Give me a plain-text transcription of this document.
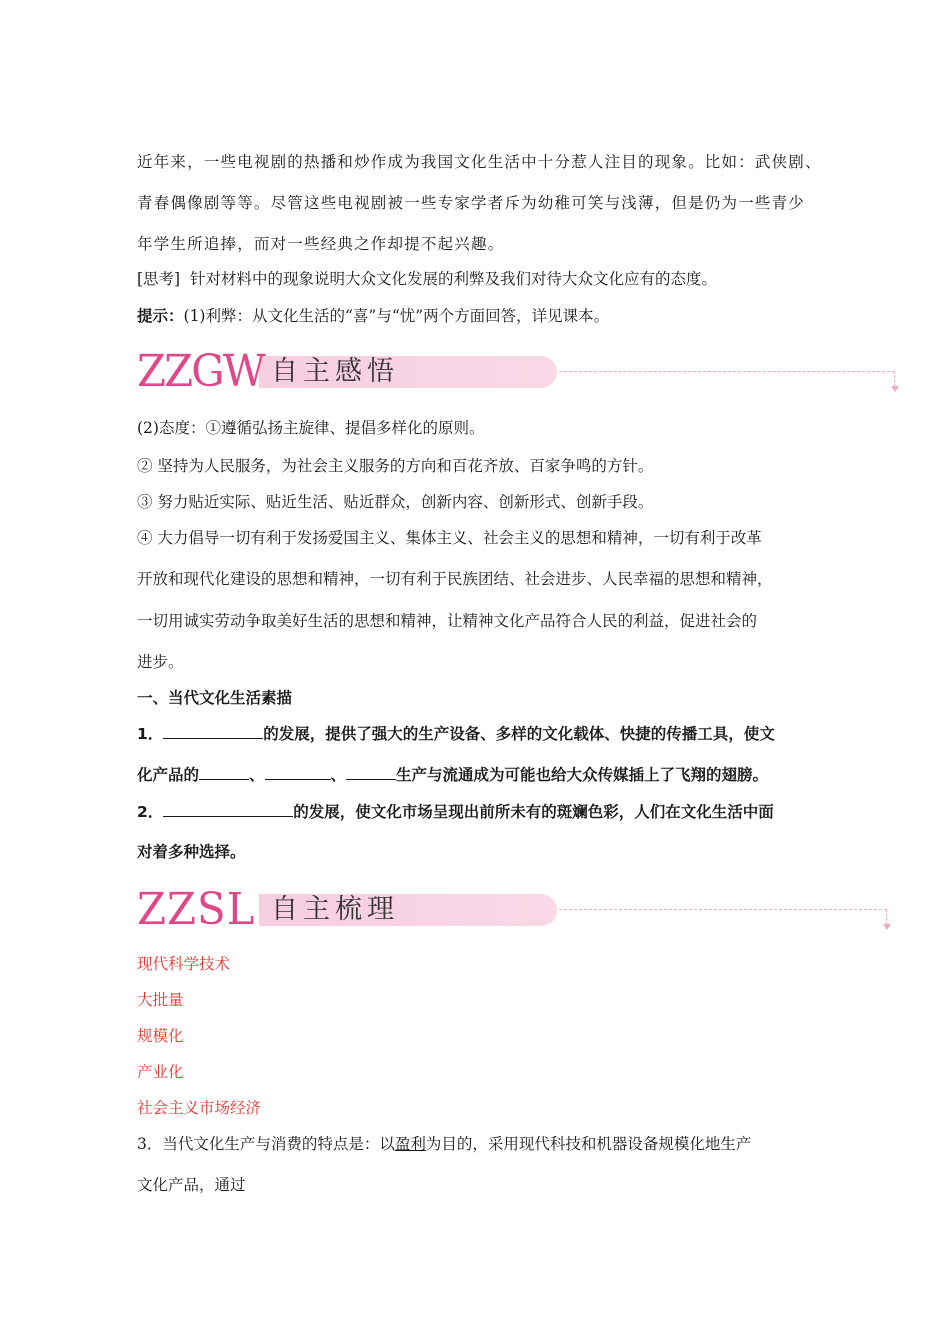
近年来，一些电视剧的热播和炒作成为我国文化生活中十分惹人注目的现象。比如：武侠剧、
青春偶像剧等等。尽管这些电视剧被一些专家学者斥为幼稚可笑与浅薄，但是仍为一些青少
年学生所追捧，而对一些经典之作却提不起兴趣。
[思考] 针对材料中的现象说明大众文化发展的利弊及我们对待大众文化应有的态度。
提示：(1)利弊：从文化生活的“喜”与“忧”两个方面回答，详见课本。
ZZGW 自主感悟
(2)态度：①遵循弘扬主旋律、提倡多样化的原则。
② 坚持为人民服务，为社会主义服务的方向和百花齐放、百家争鸣的方针。
③ 努力贴近实际、贴近生活、贴近群众，创新内容、创新形式、创新手段。
④ 大力倡导一切有利于发扬爱国主义、集体主义、社会主义的思想和精神，一切有利于改革
开放和现代化建设的思想和精神，一切有利于民族团结、社会进步、人民幸福的思想和精神，
一切用诚实劳动争取美好生活的思想和精神，让精神文化产品符合人民的利益，促进社会的
进步。
一、当代文化生活素描
1．	的发展，提供了强大的生产设备、多样的文化载体、快捷的传播工具，使文
化产品的	、	、	生产与流通成为可能也给大众传媒插上了飞翔的翅膀。
2．	的发展，使文化市场呈现出前所未有的斑斓色彩，人们在文化生活中面
对着多种选择。
ZZSL 自主梳理
现代科学技术
大批量
规模化
产业化
社会主义市场经济
3．当代文化生产与消费的特点是：以盈利为目的，采用现代科技和机器设备规模化地生产
文化产品，通过
